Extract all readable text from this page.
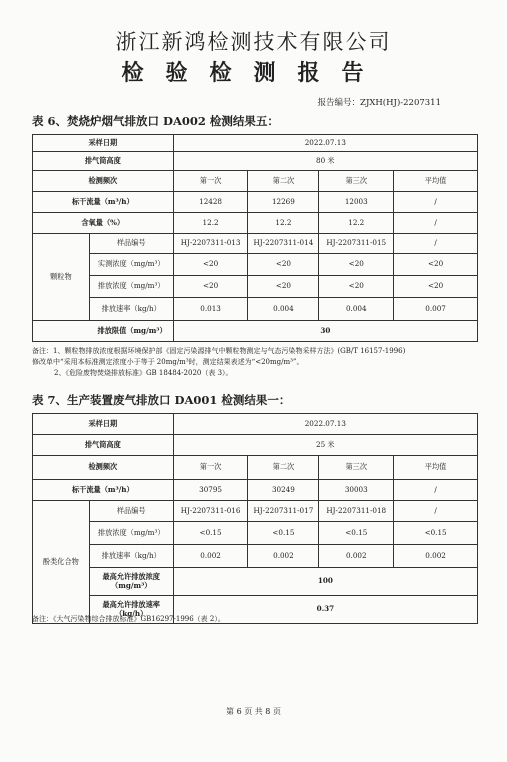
浙江新鸿检测技术有限公司
检验检测报告
报告编号：ZJXH(HJ)-2207311
表 6、焚烧炉烟气排放口 DA002 检测结果五：
采样日期		2022.07.13			
排气筒高度		80 米			
检测频次		第一次	第二次	第三次	平均值
标干流量（m³/h）		12428	12269	12003	/
含氧量（%）		12.2	12.2	12.2	/
颗粒物	样品编号	HJ-2207311-013	HJ-2207311-014	HJ-2207311-015	/
	实测浓度（mg/m³）	<20	<20	<20	<20
	排放浓度（mg/m³）	<20	<20	<20	<20
	排放速率（kg/h）	0.013	0.004	0.004	0.007
排放限值（mg/m³）		30			
备注：1、颗粒物排放浓度根据环境保护部《固定污染源排气中颗粒物测定与气态污染物采样方法》(GB/T 16157-1996)
修改单中“采用本标准测定浓度小于等于 20mg/m³时，测定结果表述为“<20mg/m³”。
2、《危险废物焚烧排放标准》GB 18484-2020（表 3）。
表 7、生产装置废气排放口 DA001 检测结果一：
采样日期		2022.07.13			
排气筒高度		25 米			
检测频次		第一次	第二次	第三次	平均值
标干流量（m³/h）		30795	30249	30003	/
酚类化合物	样品编号	HJ-2207311-016	HJ-2207311-017	HJ-2207311-018	/
	排放浓度（mg/m³）	<0.15	<0.15	<0.15	<0.15
	排放速率（kg/h）	0.002	0.002	0.002	0.002

	最高允许排放浓度
（mg/m³）	100			

	最高允许排放速率
（kg/h）	0.37			
备注：《大气污染物综合排放标准》GB16297-1996（表 2）。
第 6 页 共 8 页
